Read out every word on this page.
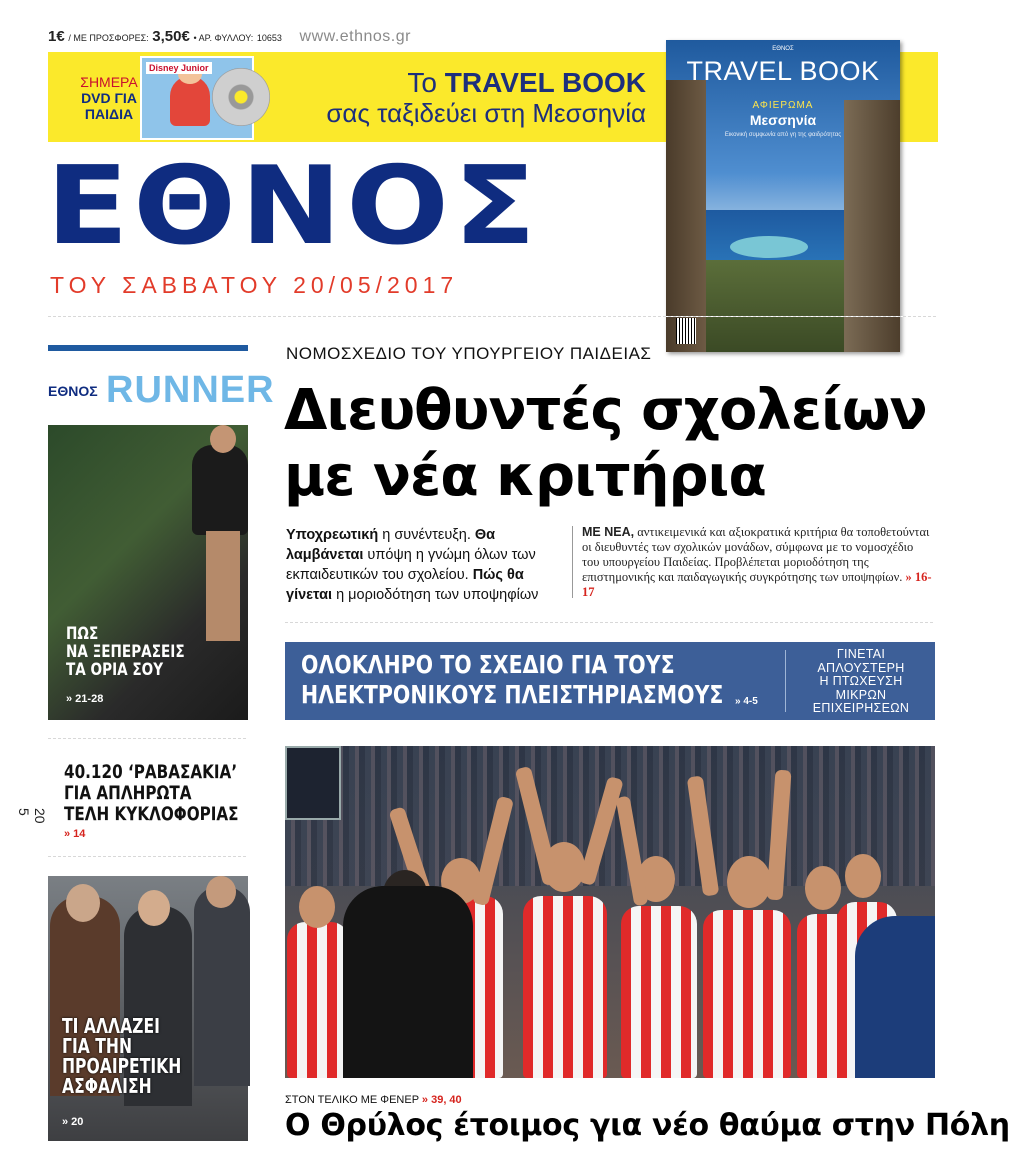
1€ / ΜΕ ΠΡΟΣΦΟΡΕΣ: 3,50€ • ΑΡ. ΦΥΛΛΟΥ: 10653 www.ethnos.gr
ΣΗΜΕΡΑ
DVD ΓΙΑ
ΠΑΙΔΙΑ
Το TRAVEL BOOK
σας ταξιδεύει στη Μεσσηνία
Disney Junior
ΕΘΝΟΣ
TRAVEL BOOK
ΑΦΙΕΡΩΜΑ
Μεσσηνία
Εικονική συμφωνία από γη της φαιδρότητας
ΕΘΝΟΣ
ΤΟΥ ΣΑΒΒΑΤΟΥ 20/05/2017
ΕΘΝΟΣ RUNNER
ΠΩΣ
ΝΑ ΞΕΠΕΡΑΣΕΙΣ
ΤΑ ΟΡΙΑ ΣΟΥ
» 21-28
ΝΟΜΟΣΧΕΔΙΟ ΤΟΥ ΥΠΟΥΡΓΕΙΟΥ ΠΑΙΔΕΙΑΣ
Διευθυντές σχολείων
με νέα κριτήρια
Υποχρεωτική η συνέντευξη. Θα λαμβάνεται υπόψη η γνώμη όλων των εκπαιδευτικών του σχολείου. Πώς θα γίνεται η μοριοδότηση των υποψηφίων
ΜΕ ΝΕΑ, αντικειμενικά και αξιοκρατικά κριτήρια θα τοποθετούνται οι διευθυντές των σχολικών μονάδων, σύμφωνα με το νομοσχέδιο του υπουργείου Παιδείας. Προβλέπεται μοριοδότηση της επιστημονικής και παιδαγωγικής συγκρότησης των υποψηφίων. » 16-17
ΟΛΟΚΛΗΡΟ ΤΟ ΣΧΕΔΙΟ ΓΙΑ ΤΟΥΣ
ΗΛΕΚΤΡΟΝΙΚΟΥΣ ΠΛΕΙΣΤΗΡΙΑΣΜΟΥΣ » 4-5
ΓΙΝΕΤΑΙ
ΑΠΛΟΥΣΤΕΡΗ
Η ΠΤΩΧΕΥΣΗ
ΜΙΚΡΩΝ
ΕΠΙΧΕΙΡΗΣΕΩΝ
40.120 ‘ΡΑΒΑΣΑΚΙΑ’
ΓΙΑ ΑΠΛΗΡΩΤΑ
ΤΕΛΗ ΚΥΚΛΟΦΟΡΙΑΣ
» 14
ΤΙ ΑΛΛΑΖΕΙ
ΓΙΑ ΤΗΝ
ΠΡΟΑΙΡΕΤΙΚΗ
ΑΣΦΑΛΙΣΗ
» 20
ΣΤΟΝ ΤΕΛΙΚΟ ΜΕ ΦΕΝΕΡ » 39, 40
Ο Θρύλος έτοιμος για νέο θαύμα στην Πόλη
20
5
